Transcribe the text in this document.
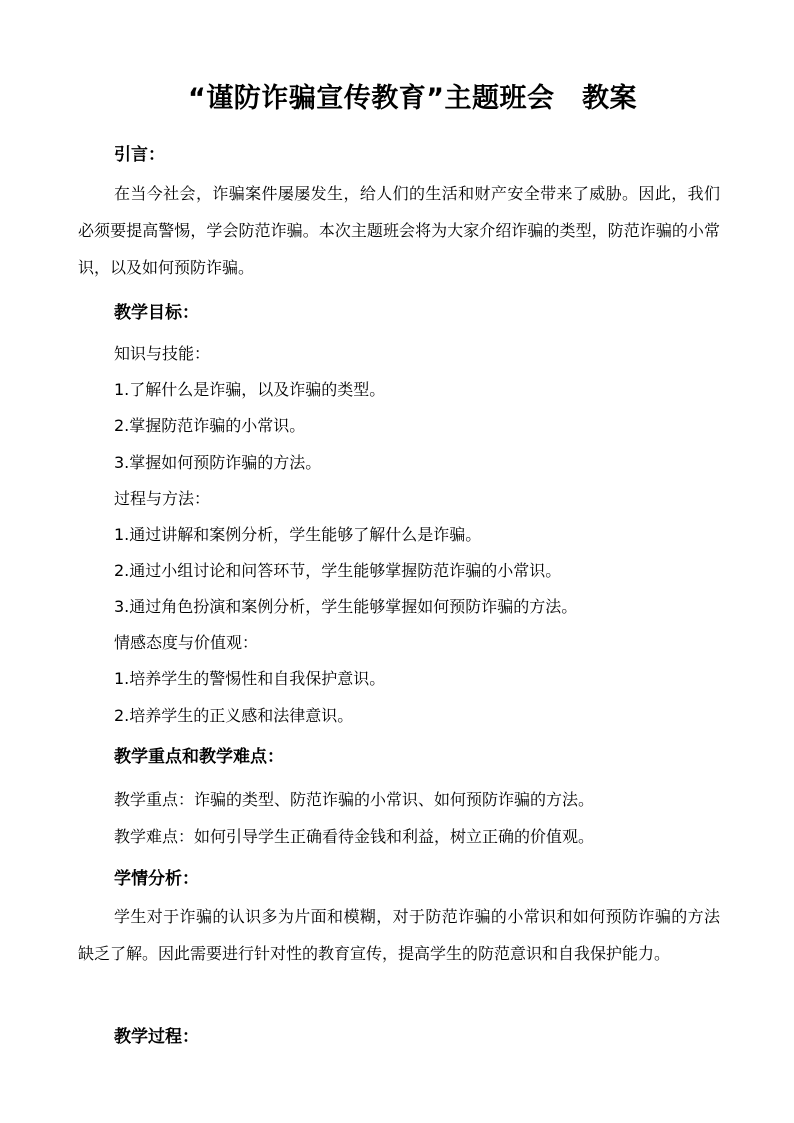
“谨防诈骗宣传教育”主题班会　教案
引言：
在当今社会，诈骗案件屡屡发生，给人们的生活和财产安全带来了威胁。因此，我们必须要提高警惕，学会防范诈骗。本次主题班会将为大家介绍诈骗的类型，防范诈骗的小常识，以及如何预防诈骗。
教学目标：
知识与技能：
1.了解什么是诈骗，以及诈骗的类型。
2.掌握防范诈骗的小常识。
3.掌握如何预防诈骗的方法。
过程与方法：
1.通过讲解和案例分析，学生能够了解什么是诈骗。
2.通过小组讨论和问答环节，学生能够掌握防范诈骗的小常识。
3.通过角色扮演和案例分析，学生能够掌握如何预防诈骗的方法。
情感态度与价值观：
1.培养学生的警惕性和自我保护意识。
2.培养学生的正义感和法律意识。
教学重点和教学难点：
教学重点：诈骗的类型、防范诈骗的小常识、如何预防诈骗的方法。
教学难点：如何引导学生正确看待金钱和利益，树立正确的价值观。
学情分析：
学生对于诈骗的认识多为片面和模糊，对于防范诈骗的小常识和如何预防诈骗的方法缺乏了解。因此需要进行针对性的教育宣传，提高学生的防范意识和自我保护能力。
教学过程：
